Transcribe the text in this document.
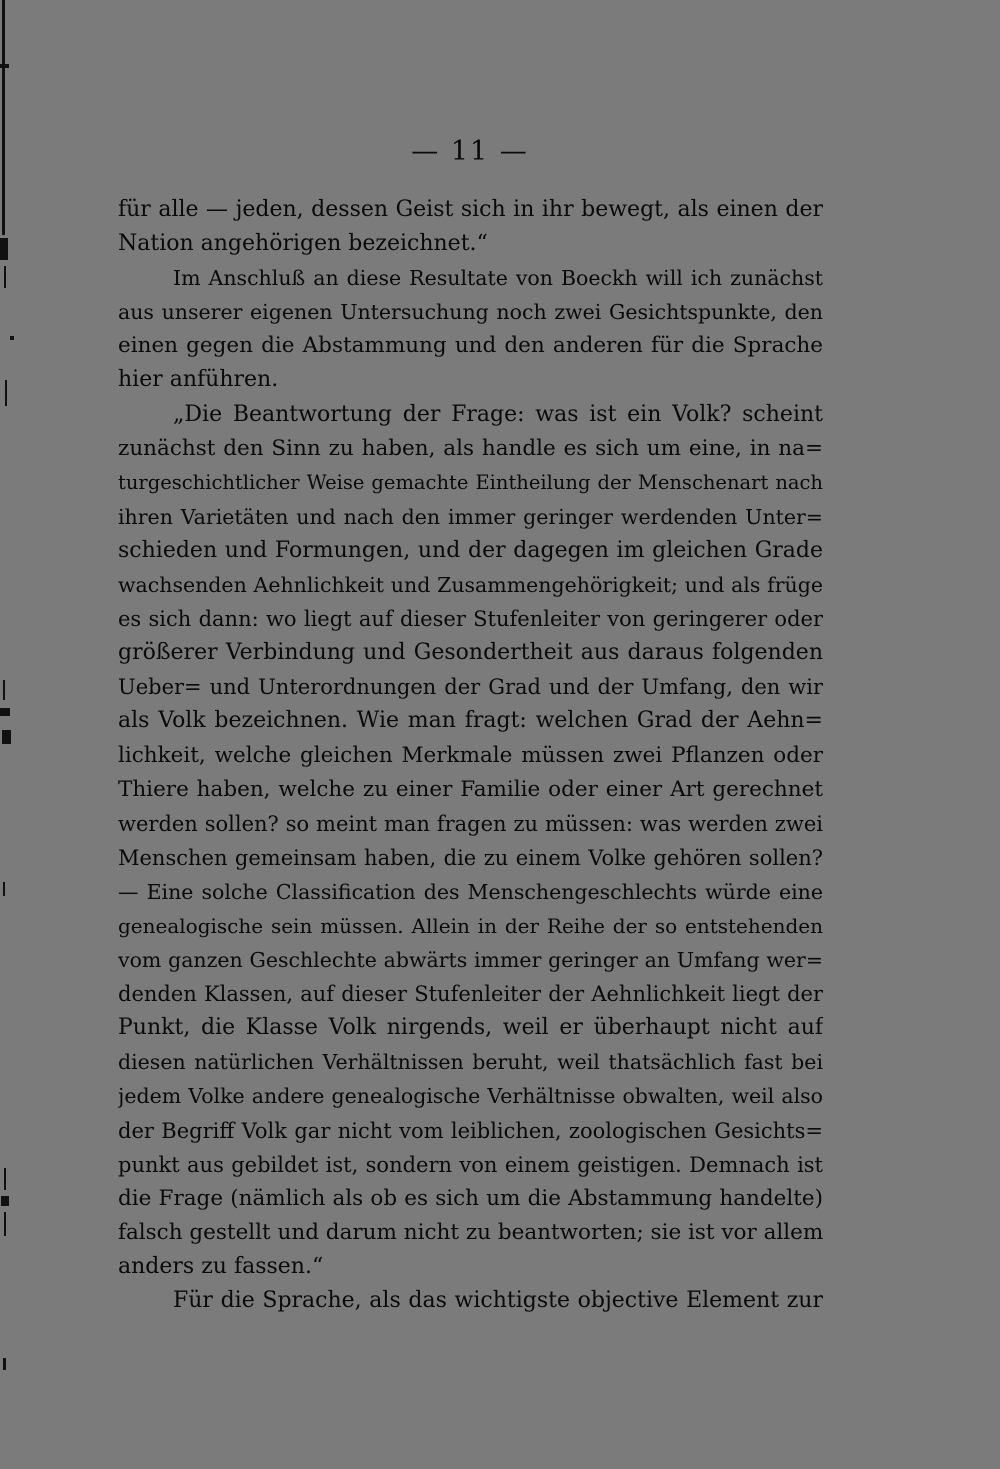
— 11 —
für alle — jeden, dessen Geist sich in ihr bewegt, als einen der
Nation angehörigen bezeichnet.“
Im Anschluß an diese Resultate von Boeckh will ich zunächst
aus unserer eigenen Untersuchung noch zwei Gesichtspunkte, den
einen gegen die Abstammung und den anderen für die Sprache
hier anführen.
„Die Beantwortung der Frage: was ist ein Volk? scheint
zunächst den Sinn zu haben, als handle es sich um eine, in na=
turgeschichtlicher Weise gemachte Eintheilung der Menschenart nach
ihren Varietäten und nach den immer geringer werdenden Unter=
schieden und Formungen, und der dagegen im gleichen Grade
wachsenden Aehnlichkeit und Zusammengehörigkeit; und als früge
es sich dann: wo liegt auf dieser Stufenleiter von geringerer oder
größerer Verbindung und Gesondertheit aus daraus folgenden
Ueber= und Unterordnungen der Grad und der Umfang, den wir
als Volk bezeichnen. Wie man fragt: welchen Grad der Aehn=
lichkeit, welche gleichen Merkmale müssen zwei Pflanzen oder
Thiere haben, welche zu einer Familie oder einer Art gerechnet
werden sollen? so meint man fragen zu müssen: was werden zwei
Menschen gemeinsam haben, die zu einem Volke gehören sollen?
— Eine solche Classification des Menschengeschlechts würde eine
genealogische sein müssen. Allein in der Reihe der so entstehenden
vom ganzen Geschlechte abwärts immer geringer an Umfang wer=
denden Klassen, auf dieser Stufenleiter der Aehnlichkeit liegt der
Punkt, die Klasse Volk nirgends, weil er überhaupt nicht auf
diesen natürlichen Verhältnissen beruht, weil thatsächlich fast bei
jedem Volke andere genealogische Verhältnisse obwalten, weil also
der Begriff Volk gar nicht vom leiblichen, zoologischen Gesichts=
punkt aus gebildet ist, sondern von einem geistigen. Demnach ist
die Frage (nämlich als ob es sich um die Abstammung handelte)
falsch gestellt und darum nicht zu beantworten; sie ist vor allem
anders zu fassen.“
Für die Sprache, als das wichtigste objective Element zur
